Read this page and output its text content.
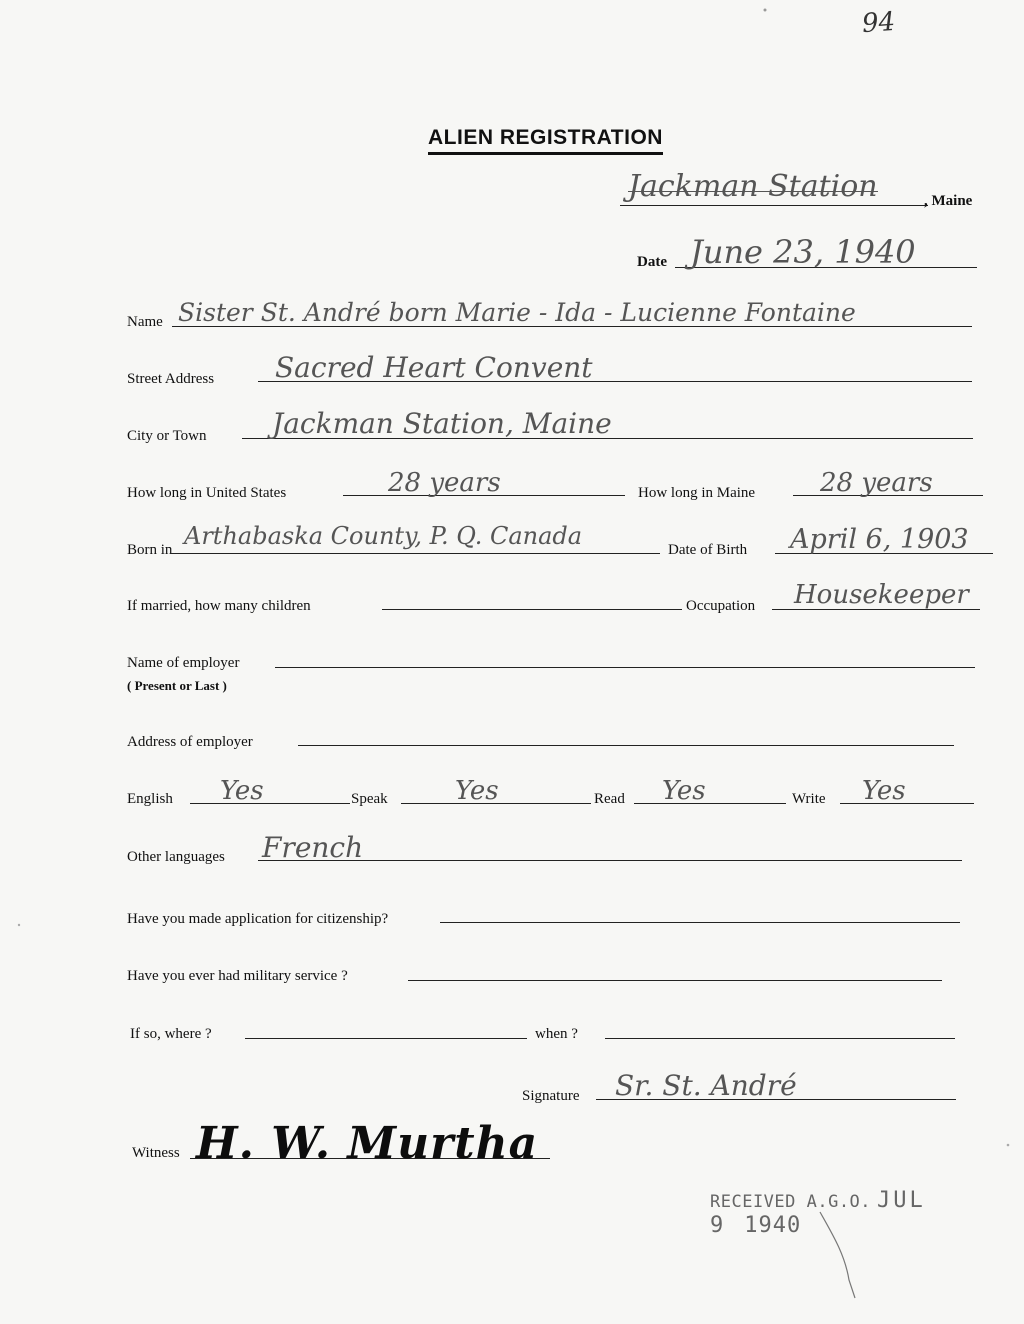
94
ALIEN REGISTRATION
Jackman Station	, Maine
Date June 23, 1940
Name Sister St. André born Marie - Ida - Lucienne Fontaine
Street Address Sacred Heart Convent
City or Town Jackman Station, Maine
How long in United States	28 years	How long in Maine 28 years
Born in Arthabaska County, P. Q. Canada	Date of Birth April 6, 1903
If married, how many children	Occupation Housekeeper
Name of employer
( Present or Last )
Address of employer
English Yes	Speak	Yes	Read Yes	Write Yes
Other languages French
Have you made application for citizenship?
Have you ever had military service ?
If so, where ?	when ?
Signature Sr. St. André
Witness H. W. Murtha
RECEIVED A.G.O. JUL 9 1940
